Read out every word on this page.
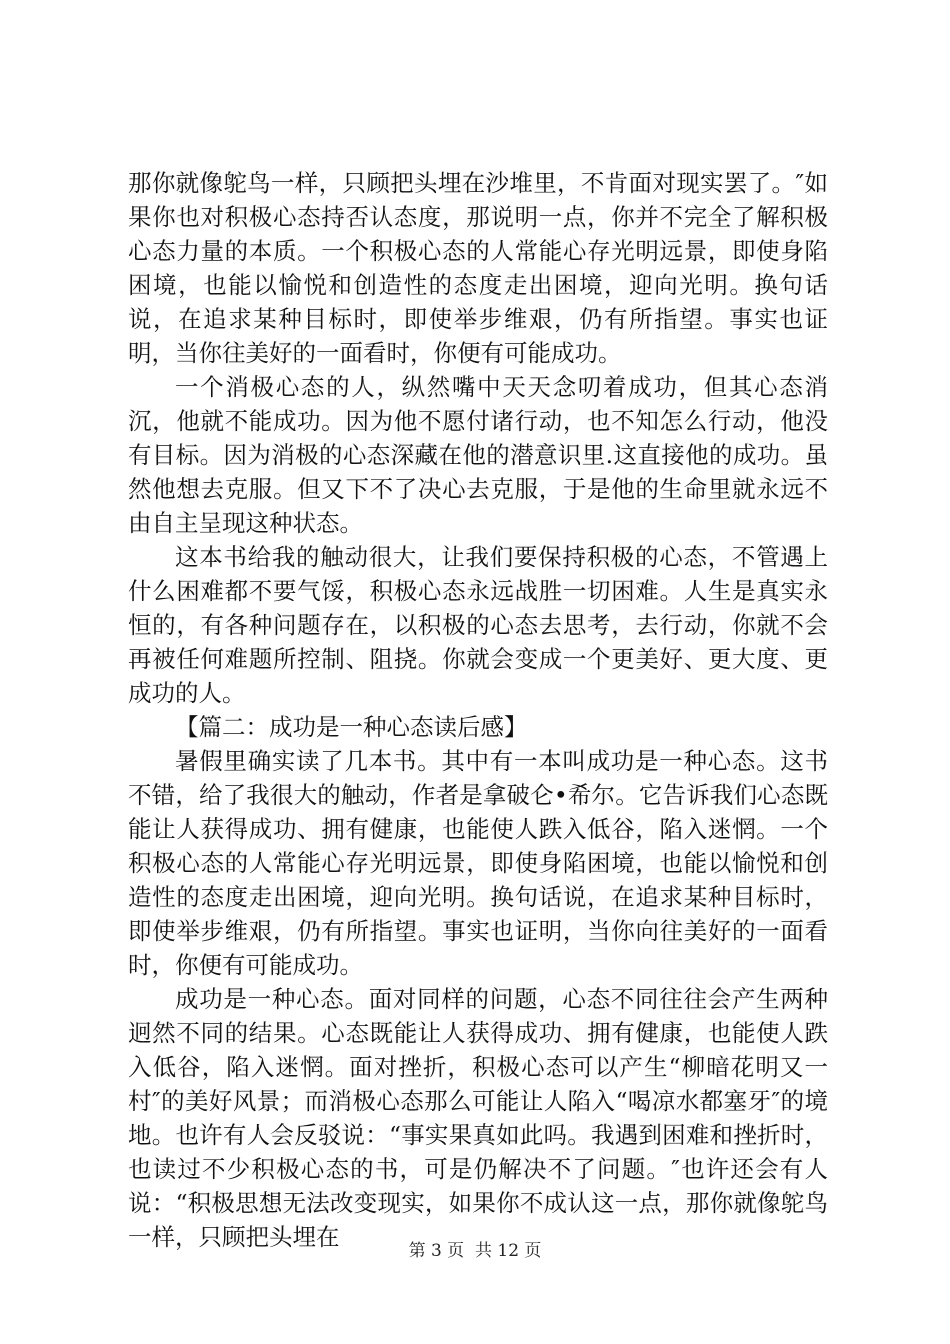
那你就像鸵鸟一样，只顾把头埋在沙堆里，不肯面对现实罢了。″如果你也对积极心态持否认态度，那说明一点，你并不完全了解积极心态力量的本质。一个积极心态的人常能心存光明远景，即使身陷困境，也能以愉悦和创造性的态度走出困境，迎向光明。换句话说，在追求某种目标时，即使举步维艰，仍有所指望。事实也证明，当你往美好的一面看时，你便有可能成功。

一个消极心态的人，纵然嘴中天天念叨着成功，但其心态消沉，他就不能成功。因为他不愿付诸行动，也不知怎么行动，他没有目标。因为消极的心态深藏在他的潜意识里.这直接他的成功。虽然他想去克服。但又下不了决心去克服，于是他的生命里就永远不由自主呈现这种状态。

这本书给我的触动很大，让我们要保持积极的心态，不管遇上什么困难都不要气馁，积极心态永远战胜一切困难。人生是真实永恒的，有各种问题存在，以积极的心态去思考，去行动，你就不会再被任何难题所控制、阻挠。你就会变成一个更美好、更大度、更成功的人。

【篇二：成功是一种心态读后感】

暑假里确实读了几本书。其中有一本叫成功是一种心态。这书不错，给了我很大的触动，作者是拿破仑•希尔。它告诉我们心态既能让人获得成功、拥有健康，也能使人跌入低谷，陷入迷惘。一个积极心态的人常能心存光明远景，即使身陷困境，也能以愉悦和创造性的态度走出困境，迎向光明。换句话说，在追求某种目标时，即使举步维艰，仍有所指望。事实也证明，当你向往美好的一面看时，你便有可能成功。

成功是一种心态。面对同样的问题，心态不同往往会产生两种迥然不同的结果。心态既能让人获得成功、拥有健康，也能使人跌入低谷，陷入迷惘。面对挫折，积极心态可以产生“柳暗花明又一村″的美好风景；而消极心态那么可能让人陷入“喝凉水都塞牙″的境地。也许有人会反驳说：“事实果真如此吗。我遇到困难和挫折时，也读过不少积极心态的书，可是仍解决不了问题。″也许还会有人说：“积极思想无法改变现实，如果你不成认这一点，那你就像鸵鸟一样，只顾把头埋在	第 3 页  共 12 页
